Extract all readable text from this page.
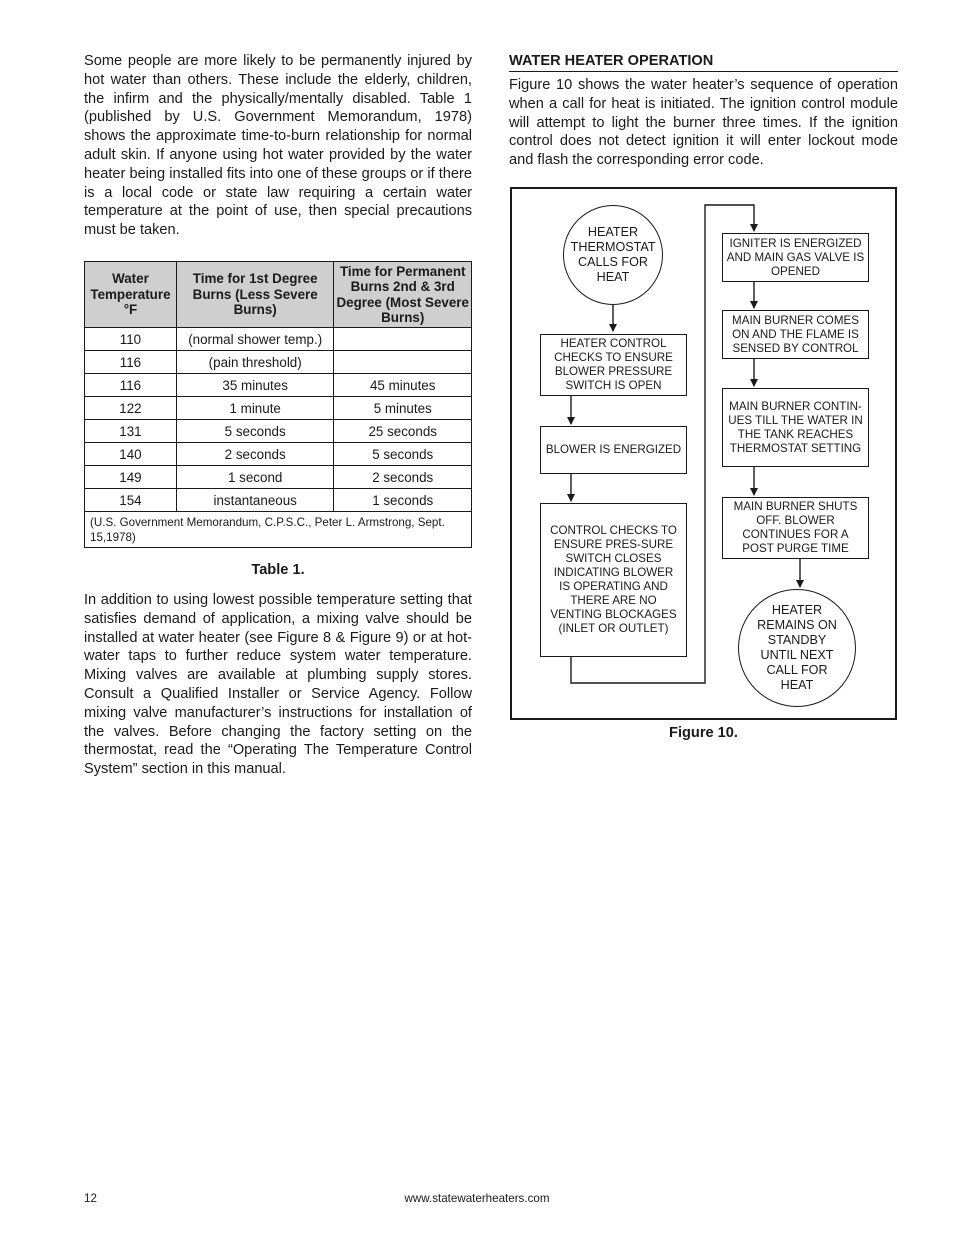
Some people are more likely to be permanently injured by hot water than others. These include the elderly, children, the infirm and the physically/mentally disabled. Table 1 (published by U.S. Government Memorandum, 1978) shows the approximate time-to-burn relationship for normal adult skin. If anyone using hot water provided by the water heater being installed fits into one of these groups or if there is a local code or state law requiring a certain water temperature at the point of use, then special precautions must be taken.

Water Temperature °F	Time for 1st Degree Burns (Less Severe Burns)	Time for Permanent Burns 2nd & 3rd Degree (Most Severe Burns)
110	(normal shower temp.)	
116	(pain threshold)	
116	35 minutes	45 minutes
122	1 minute	5 minutes
131	5 seconds	25 seconds
140	2 seconds	5 seconds
149	1 second	2 seconds
154	instantaneous	1 seconds
(U.S. Government Memorandum, C.P.S.C., Peter L. Armstrong, Sept. 15,1978)		

Table 1.

In addition to using lowest possible temperature setting that satisfies demand of application, a mixing valve should be installed at water heater (see Figure 8 & Figure 9) or at hot-water taps to further reduce system water temperature. Mixing valves are available at plumbing supply stores. Consult a Qualified Installer or Service Agency. Follow mixing valve manufacturer’s instructions for installation of the valves. Before changing the factory setting on the thermostat, read the “Operating The Temperature Control System” section in this manual.

WATER HEATER OPERATION

Figure 10 shows the water heater’s sequence of operation when a call for heat is initiated. The ignition control module will attempt to light the burner three times. If the ignition control does not detect ignition it will enter lockout mode and flash the corresponding error code.

HEATER THERMOSTAT CALLS FOR HEAT
HEATER CONTROL CHECKS TO ENSURE BLOWER PRESSURE SWITCH IS OPEN
BLOWER IS ENERGIZED
CONTROL CHECKS TO ENSURE PRES-SURE SWITCH CLOSES INDICATING BLOWER IS OPERATING AND THERE ARE NO VENTING BLOCKAGES (INLET OR OUTLET)
IGNITER IS ENERGIZED AND MAIN GAS VALVE IS OPENED
MAIN BURNER COMES ON AND THE FLAME IS SENSED BY CONTROL
MAIN BURNER CONTIN-UES TILL THE WATER IN THE TANK REACHES THERMOSTAT SETTING
MAIN BURNER SHUTS OFF. BLOWER CONTINUES FOR A POST PURGE TIME
HEATER REMAINS ON STANDBY UNTIL NEXT CALL FOR HEAT

Figure 10.

www.statewaterheaters.com
12
